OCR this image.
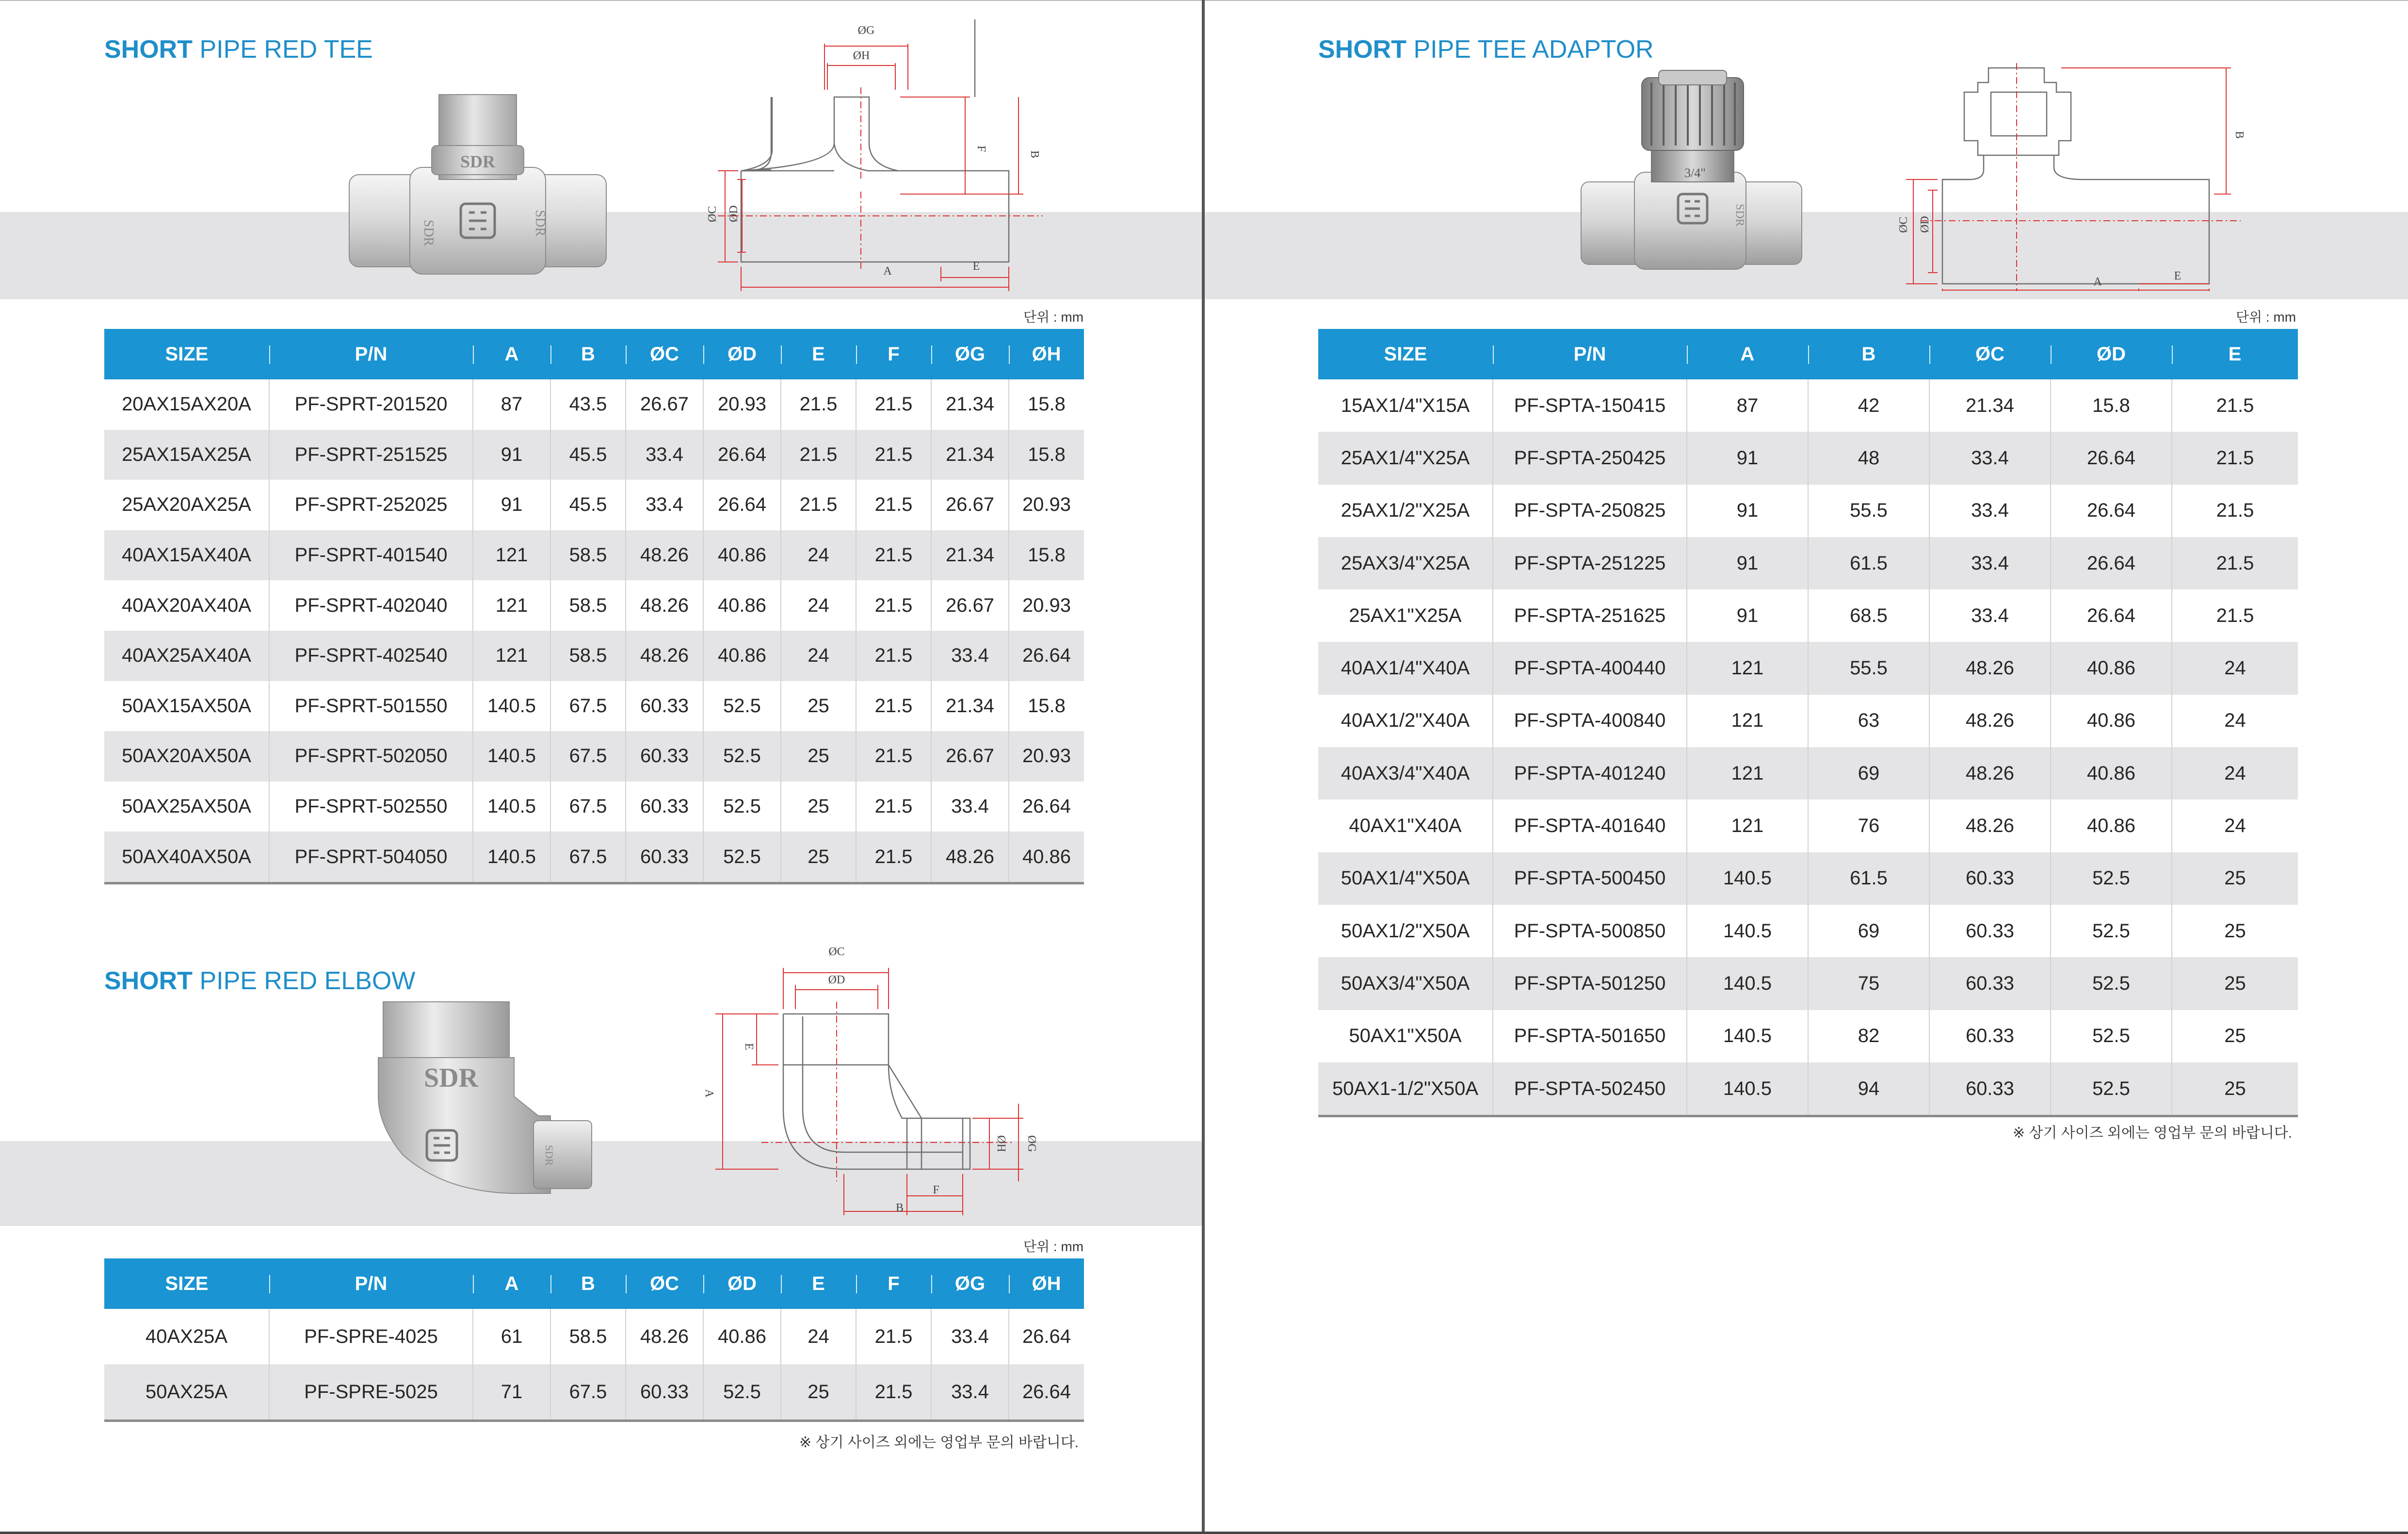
SHORT PIPE RED TEE
SDR
SDR	SDR
ØG
ØH
F
B
ØC ØD
A	E
단위 : mm
SIZE	P/N	A	B	ØC	ØD	E	F	ØG	ØH
20AX15AX20A	PF-SPRT-201520	87	43.5	26.67	20.93	21.5	21.5	21.34	15.8
25AX15AX25A	PF-SPRT-251525	91	45.5	33.4	26.64	21.5	21.5	21.34	15.8
25AX20AX25A	PF-SPRT-252025	91	45.5	33.4	26.64	21.5	21.5	26.67	20.93
40AX15AX40A	PF-SPRT-401540	121	58.5	48.26	40.86	24	21.5	21.34	15.8
40AX20AX40A	PF-SPRT-402040	121	58.5	48.26	40.86	24	21.5	26.67	20.93
40AX25AX40A	PF-SPRT-402540	121	58.5	48.26	40.86	24	21.5	33.4	26.64
50AX15AX50A	PF-SPRT-501550	140.5	67.5	60.33	52.5	25	21.5	21.34	15.8
50AX20AX50A	PF-SPRT-502050	140.5	67.5	60.33	52.5	25	21.5	26.67	20.93
50AX25AX50A	PF-SPRT-502550	140.5	67.5	60.33	52.5	25	21.5	33.4	26.64
50AX40AX50A	PF-SPRT-504050	140.5	67.5	60.33	52.5	25	21.5	48.26	40.86
SHORT PIPE RED ELBOW
SDR
SDR
ØC
ØD
E
A
ØH ØG
F
B
단위 : mm
SIZE	P/N	A	B	ØC	ØD	E	F	ØG	ØH
40AX25A	PF-SPRE-4025	61	58.5	48.26	40.86	24	21.5	33.4	26.64
50AX25A	PF-SPRE-5025	71	67.5	60.33	52.5	25	21.5	33.4	26.64
※ 상기 사이즈 외에는 영업부 문의 바랍니다.
SHORT PIPE TEE ADAPTOR
3/4"
SDR
B
ØC ØD
A	E
단위 : mm
SIZE	P/N	A	B	ØC	ØD	E
15AX1/4"X15A	PF-SPTA-150415	87	42	21.34	15.8	21.5
25AX1/4"X25A	PF-SPTA-250425	91	48	33.4	26.64	21.5
25AX1/2"X25A	PF-SPTA-250825	91	55.5	33.4	26.64	21.5
25AX3/4"X25A	PF-SPTA-251225	91	61.5	33.4	26.64	21.5
25AX1"X25A	PF-SPTA-251625	91	68.5	33.4	26.64	21.5
40AX1/4"X40A	PF-SPTA-400440	121	55.5	48.26	40.86	24
40AX1/2"X40A	PF-SPTA-400840	121	63	48.26	40.86	24
40AX3/4"X40A	PF-SPTA-401240	121	69	48.26	40.86	24
40AX1"X40A	PF-SPTA-401640	121	76	48.26	40.86	24
50AX1/4"X50A	PF-SPTA-500450	140.5	61.5	60.33	52.5	25
50AX1/2"X50A	PF-SPTA-500850	140.5	69	60.33	52.5	25
50AX3/4"X50A	PF-SPTA-501250	140.5	75	60.33	52.5	25
50AX1"X50A	PF-SPTA-501650	140.5	82	60.33	52.5	25
50AX1-1/2"X50A	PF-SPTA-502450	140.5	94	60.33	52.5	25
※ 상기 사이즈 외에는 영업부 문의 바랍니다.
